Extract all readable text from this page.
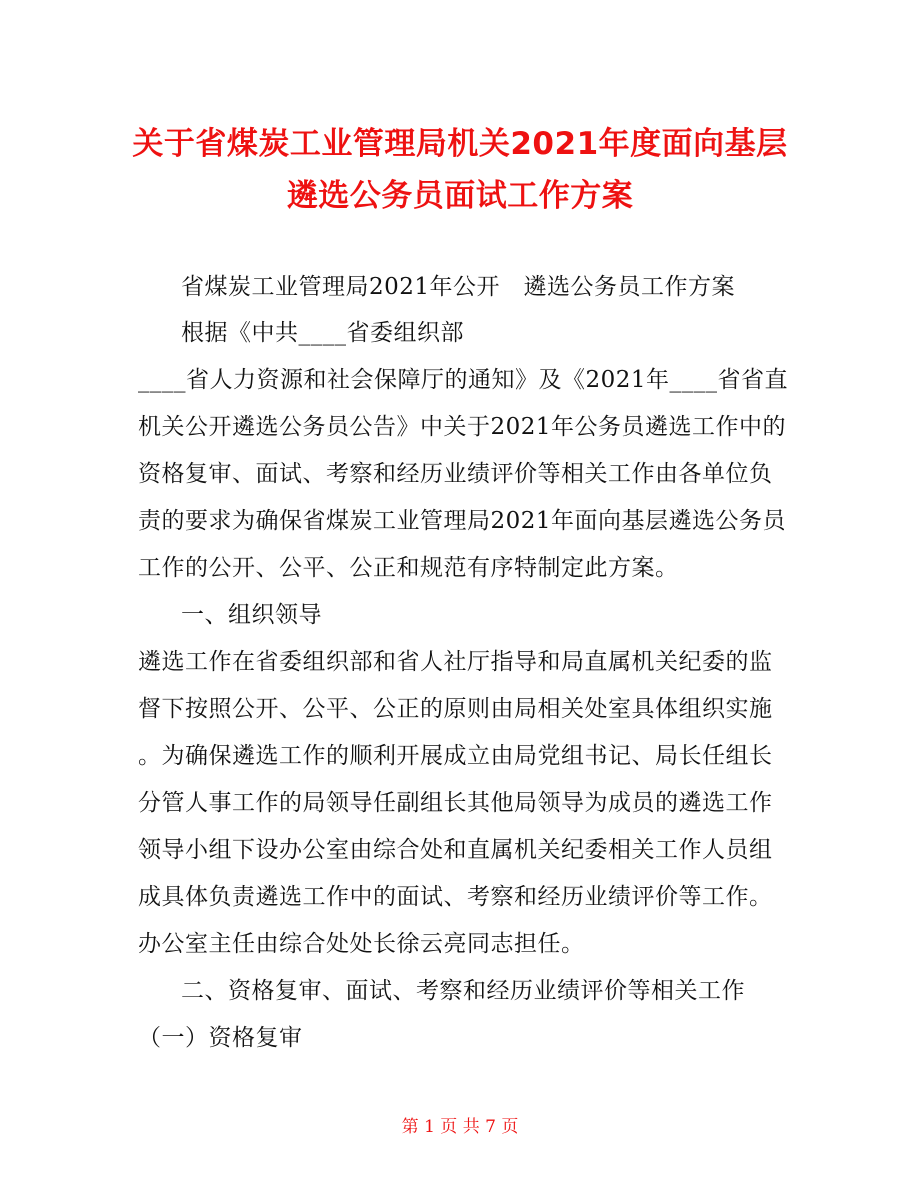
关于省煤炭工业管理局机关2021年度面向基层
遴选公务员面试工作方案
省煤炭工业管理局2021年公开　遴选公务员工作方案
根据《中共____省委组织部
____省人力资源和社会保障厅的通知》及《2021年____省省直
机关公开遴选公务员公告》中关于2021年公务员遴选工作中的
资格复审、面试、考察和经历业绩评价等相关工作由各单位负
责的要求为确保省煤炭工业管理局2021年面向基层遴选公务员
工作的公开、公平、公正和规范有序特制定此方案。
一、组织领导
遴选工作在省委组织部和省人社厅指导和局直属机关纪委的监
督下按照公开、公平、公正的原则由局相关处室具体组织实施
。为确保遴选工作的顺利开展成立由局党组书记、局长任组长
分管人事工作的局领导任副组长其他局领导为成员的遴选工作
领导小组下设办公室由综合处和直属机关纪委相关工作人员组
成具体负责遴选工作中的面试、考察和经历业绩评价等工作。
办公室主任由综合处处长徐云亮同志担任。
二、资格复审、面试、考察和经历业绩评价等相关工作
（一）资格复审
第 1 页 共 7 页
